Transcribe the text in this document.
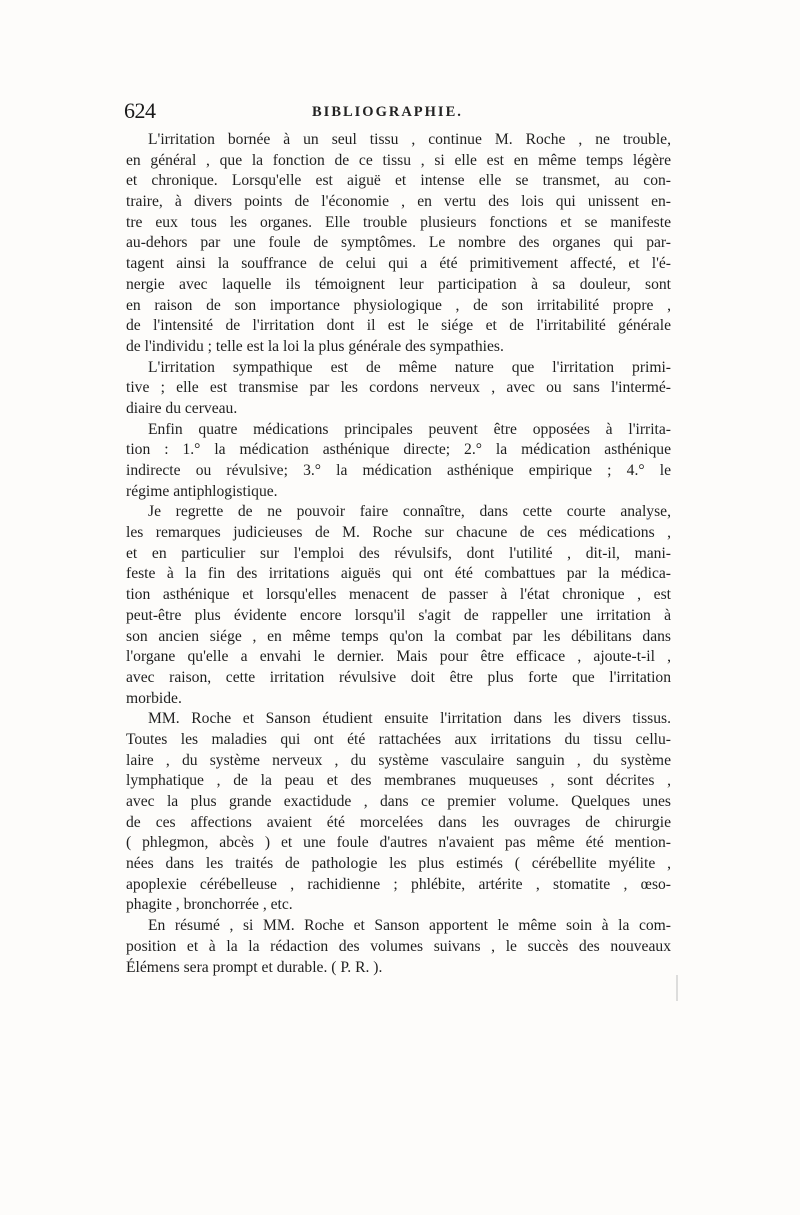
624	BIBLIOGRAPHIE.
L'irritation bornée à un seul tissu , continue M. Roche , ne trouble,
en général , que la fonction de ce tissu , si elle est en même temps légère
et chronique. Lorsqu'elle est aiguë et intense elle se transmet, au con-
traire, à divers points de l'économie , en vertu des lois qui unissent en-
tre eux tous les organes. Elle trouble plusieurs fonctions et se manifeste
au-dehors par une foule de symptômes. Le nombre des organes qui par-
tagent ainsi la souffrance de celui qui a été primitivement affecté, et l'é-
nergie avec laquelle ils témoignent leur participation à sa douleur, sont
en raison de son importance physiologique , de son irritabilité propre ,
de l'intensité de l'irritation dont il est le siége et de l'irritabilité générale
de l'individu ; telle est la loi la plus générale des sympathies.
L'irritation sympathique est de même nature que l'irritation primi-
tive ; elle est transmise par les cordons nerveux , avec ou sans l'intermé-
diaire du cerveau.
Enfin quatre médications principales peuvent être opposées à l'irrita-
tion : 1.° la médication asthénique directe; 2.° la médication asthénique
indirecte ou révulsive; 3.° la médication asthénique empirique ; 4.° le
régime antiphlogistique.
Je regrette de ne pouvoir faire connaître, dans cette courte analyse,
les remarques judicieuses de M. Roche sur chacune de ces médications ,
et en particulier sur l'emploi des révulsifs, dont l'utilité , dit-il, mani-
feste à la fin des irritations aiguës qui ont été combattues par la médica-
tion asthénique et lorsqu'elles menacent de passer à l'état chronique , est
peut-être plus évidente encore lorsqu'il s'agit de rappeller une irritation à
son ancien siége , en même temps qu'on la combat par les débilitans dans
l'organe qu'elle a envahi le dernier. Mais pour être efficace , ajoute-t-il ,
avec raison, cette irritation révulsive doit être plus forte que l'irritation
morbide.
MM. Roche et Sanson étudient ensuite l'irritation dans les divers tissus.
Toutes les maladies qui ont été rattachées aux irritations du tissu cellu-
laire , du système nerveux , du système vasculaire sanguin , du système
lymphatique , de la peau et des membranes muqueuses , sont décrites ,
avec la plus grande exactidude , dans ce premier volume. Quelques unes
de ces affections avaient été morcelées dans les ouvrages de chirurgie
( phlegmon, abcès ) et une foule d'autres n'avaient pas même été mention-
nées dans les traités de pathologie les plus estimés ( cérébellite myélite ,
apoplexie cérébelleuse , rachidienne ; phlébite, artérite , stomatite , œso-
phagite , bronchorrée , etc.
En résumé , si MM. Roche et Sanson apportent le même soin à la com-
position et à la la rédaction des volumes suivans , le succès des nouveaux
Élémens sera prompt et durable. ( P. R. ).
